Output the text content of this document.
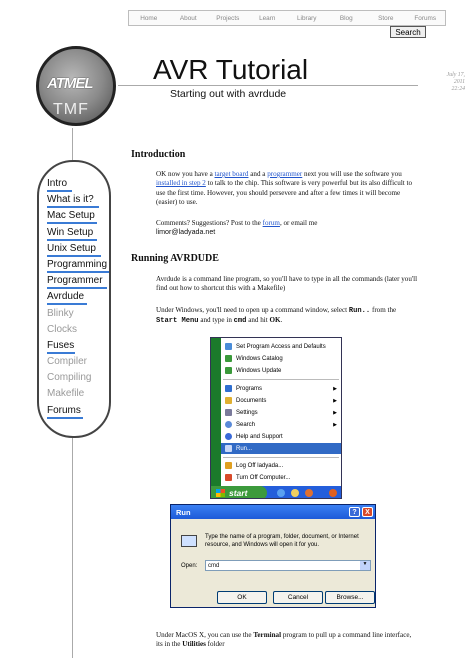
Home	About	Projects	Learn	Library	Blog	Store	Forums
Search
ATMEL
TMF
AVR Tutorial
Starting out with avrdude
July 17,
2011
22:24
Intro
What is it?
Mac Setup
Win Setup
Unix Setup
Programming
Programmer
Avrdude
Blinky
Clocks
Fuses
Compiler
Compiling
Makefile
Forums
Introduction
OK now you have a target board and a programmer next you will use the software you installed in step 2 to talk to the chip. This software is very powerful but its also difficult to use the first time. However, you should persevere and after a few times it will become (easier) to use.
Comments? Suggestions? Post to the forum, or email me
limor@ladyada.net
Running AVRDUDE
Avrdude is a command line program, so you'll have to type in all the commands (later you'll find out how to shortcut this with a Makefile)
Under Windows, you'll need to open up a command window, select Run.. from the Start Menu and type in cmd and hit OK.
Set Program Access and Defaults
Windows Catalog
Windows Update
Programs	▶
Documents	▶
Settings	▶
Search	▶
Help and Support
Run...
Log Off ladyada...
Turn Off Computer...
start
Run	?	X
Type the name of a program, folder, document, or Internet resource, and Windows will open it for you.
Open: cmd	▼
OK	Cancel	Browse...
Under MacOS X, you can use the Terminal program to pull up a command line interface, its in the Utilities folder
